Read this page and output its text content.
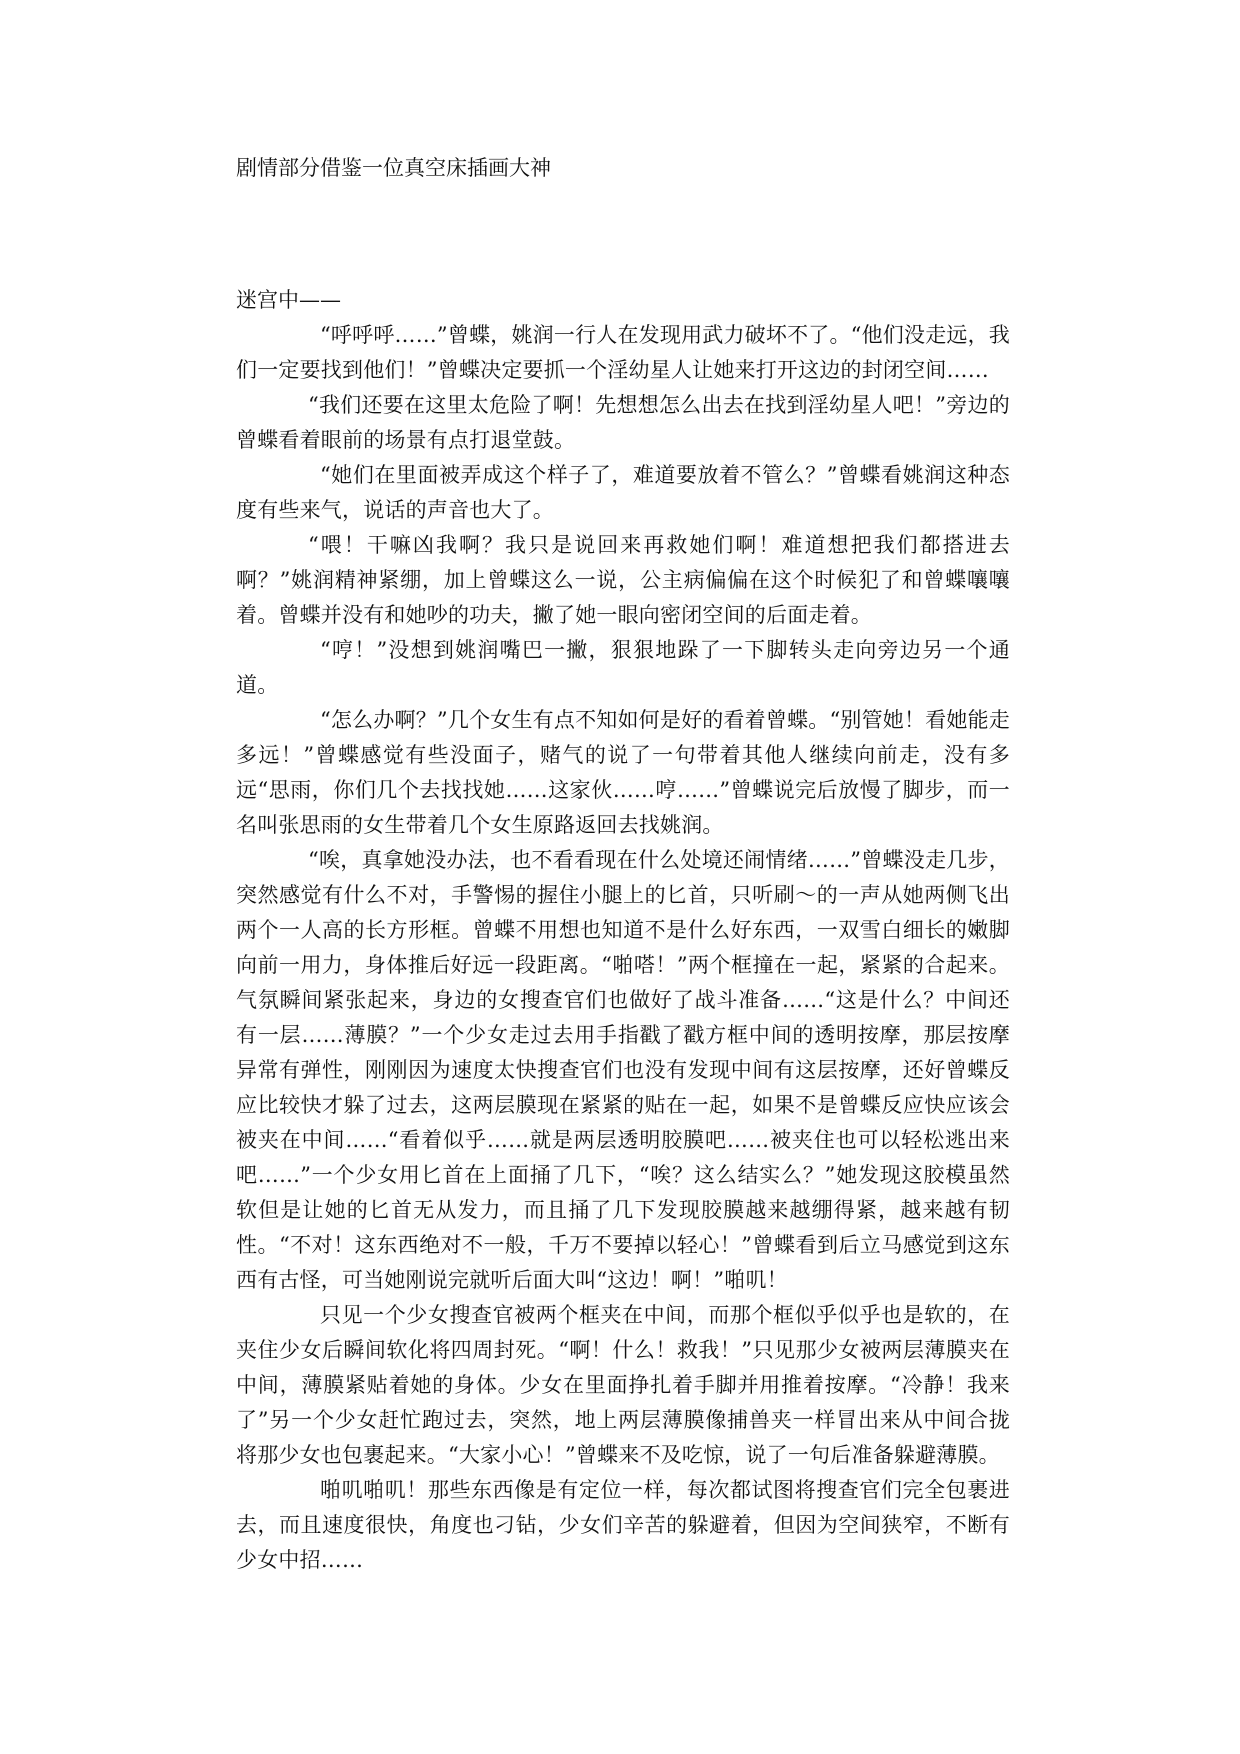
剧情部分借鉴一位真空床插画大神

迷宫中——

“呼呼呼……”曾蝶，姚润一行人在发现用武力破坏不了。“他们没走远，我们一定要找到他们！”曾蝶决定要抓一个淫幼星人让她来打开这边的封闭空间……

“我们还要在这里太危险了啊！先想想怎么出去在找到淫幼星人吧！”旁边的曾蝶看着眼前的场景有点打退堂鼓。

“她们在里面被弄成这个样子了，难道要放着不管么？”曾蝶看姚润这种态度有些来气，说话的声音也大了。

“喂！干嘛凶我啊？我只是说回来再救她们啊！难道想把我们都搭进去啊？”姚润精神紧绷，加上曾蝶这么一说，公主病偏偏在这个时候犯了和曾蝶嚷嚷着。曾蝶并没有和她吵的功夫，撇了她一眼向密闭空间的后面走着。

“哼！”没想到姚润嘴巴一撇，狠狠地跺了一下脚转头走向旁边另一个通道。

“怎么办啊？”几个女生有点不知如何是好的看着曾蝶。“别管她！看她能走多远！”曾蝶感觉有些没面子，赌气的说了一句带着其他人继续向前走，没有多远“思雨，你们几个去找找她……这家伙……哼……”曾蝶说完后放慢了脚步，而一名叫张思雨的女生带着几个女生原路返回去找姚润。

“唉，真拿她没办法，也不看看现在什么处境还闹情绪……”曾蝶没走几步，突然感觉有什么不对，手警惕的握住小腿上的匕首，只听刷～的一声从她两侧飞出两个一人高的长方形框。曾蝶不用想也知道不是什么好东西，一双雪白细长的嫩脚向前一用力，身体推后好远一段距离。“啪嗒！”两个框撞在一起，紧紧的合起来。气氛瞬间紧张起来，身边的女搜查官们也做好了战斗准备……“这是什么？中间还有一层……薄膜？”一个少女走过去用手指戳了戳方框中间的透明按摩，那层按摩异常有弹性，刚刚因为速度太快搜查官们也没有发现中间有这层按摩，还好曾蝶反应比较快才躲了过去，这两层膜现在紧紧的贴在一起，如果不是曾蝶反应快应该会被夹在中间……“看着似乎……就是两层透明胶膜吧……被夹住也可以轻松逃出来吧……”一个少女用匕首在上面捅了几下，“唉？这么结实么？”她发现这胶模虽然软但是让她的匕首无从发力，而且捅了几下发现胶膜越来越绷得紧，越来越有韧性。“不对！这东西绝对不一般，千万不要掉以轻心！”曾蝶看到后立马感觉到这东西有古怪，可当她刚说完就听后面大叫“这边！啊！”啪叽！

只见一个少女搜查官被两个框夹在中间，而那个框似乎似乎也是软的，在夹住少女后瞬间软化将四周封死。“啊！什么！救我！”只见那少女被两层薄膜夹在中间，薄膜紧贴着她的身体。少女在里面挣扎着手脚并用推着按摩。“冷静！我来了”另一个少女赶忙跑过去，突然，地上两层薄膜像捕兽夹一样冒出来从中间合拢将那少女也包裹起来。“大家小心！”曾蝶来不及吃惊，说了一句后准备躲避薄膜。

啪叽啪叽！那些东西像是有定位一样，每次都试图将搜查官们完全包裹进去，而且速度很快，角度也刁钻，少女们辛苦的躲避着，但因为空间狭窄，不断有少女中招……
